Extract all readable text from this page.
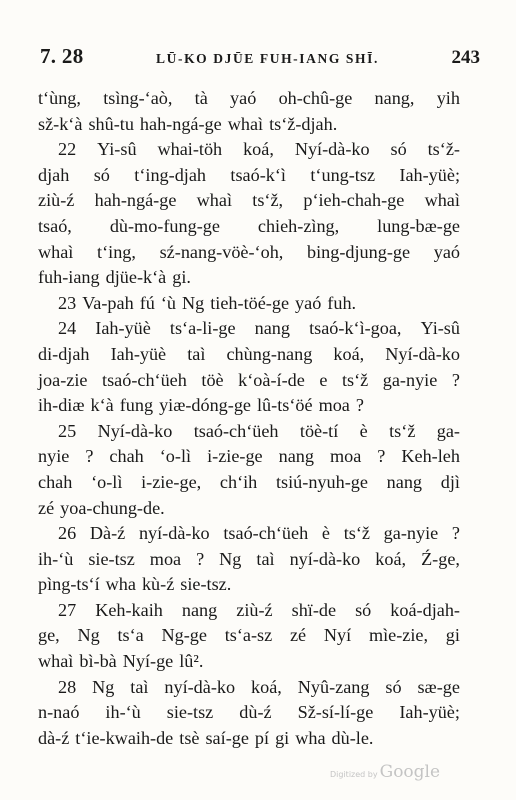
7. 28	LŪ-KO DJŪE FUH-IANG SHĪ.	243
t‘ùng, tsìng-‘aò, tà yaó oh-chû-ge nang, yih
sž-k‘à shû-tu hah-ngá-ge whaì ts‘ž-djah.
22 Yi-sû whai-töh koá, Nyí-dà-ko só ts‘ž-
djah só t‘ing-djah tsaó-k‘ì t‘ung-tsz Iah-yüè;
ziù-ź hah-ngá-ge whaì ts‘ž, p‘ieh-chah-ge whaì
tsaó, dù-mo-fung-ge chieh-zìng, lung-bæ-ge
whaì t‘ing, sź-nang-vöè-‘oh, bing-djung-ge yaó
fuh-iang djüe-k‘à gi.
23 Va-pah fú ‘ù Ng tieh-töé-ge yaó fuh.
24 Iah-yüè ts‘a-li-ge nang tsaó-k‘ì-goa, Yi-sû
di-djah Iah-yüè taì chùng-nang koá, Nyí-dà-ko
joa-zie tsaó-ch‘üeh töè k‘oà-í-de e ts‘ž ga-nyie ?
ih-diæ k‘à fung yiæ-dóng-ge lû-ts‘öé moa ?
25 Nyí-dà-ko tsaó-ch‘üeh töè-tí è ts‘ž ga-
nyie ? chah ‘o-lì i-zie-ge nang moa ? Keh-leh
chah ‘o-lì i-zie-ge, ch‘ih tsiú-nyuh-ge nang djì
zé yoa-chung-de.
26 Dà-ź nyí-dà-ko tsaó-ch‘üeh è ts‘ž ga-nyie ?
ih-‘ù sie-tsz moa ? Ng taì nyí-dà-ko koá, Ź-ge,
pìng-ts‘í wha kù-ź sie-tsz.
27 Keh-kaih nang ziù-ź shï-de só koá-djah-
ge, Ng ts‘a Ng-ge ts‘a-sz zé Nyí mìe-zie, gi
whaì bì-bà Nyí-ge lû².
28 Ng taì nyí-dà-ko koá, Nyû-zang só sæ-ge
n-naó ih-‘ù sie-tsz dù-ź Sž-sí-lí-ge Iah-yüè;
dà-ź t‘ie-kwaih-de tsè saí-ge pí gi wha dù-le.
Digitized by Google
